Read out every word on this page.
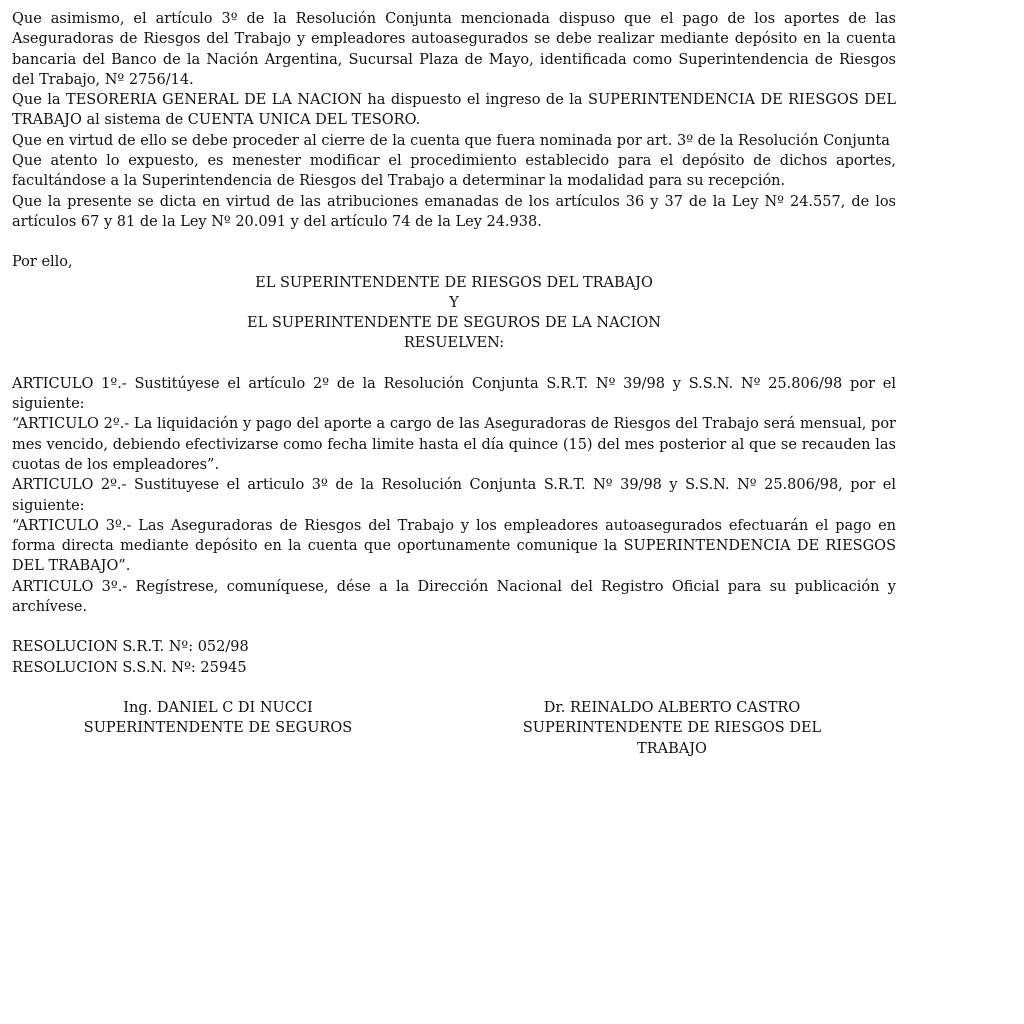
Que asimismo, el artículo 3º de la Resolución Conjunta mencionada dispuso que el pago de los aportes de las Aseguradoras de Riesgos del Trabajo y empleadores autoasegurados se debe realizar mediante depósito en la cuenta bancaria del Banco de la Nación Argentina, Sucursal Plaza de Mayo, identificada como Superintendencia de Riesgos del Trabajo, Nº 2756/14.

Que la TESORERIA GENERAL DE LA NACION ha dispuesto el ingreso de la SUPERINTENDENCIA DE RIESGOS DEL TRABAJO al sistema de CUENTA UNICA DEL TESORO.

Que en virtud de ello se debe proceder al cierre de la cuenta que fuera nominada por art. 3º de la Resolución Conjunta

Que atento lo expuesto, es menester modificar el procedimiento establecido para el depósito de dichos aportes, facultándose a la Superintendencia de Riesgos del Trabajo a determinar la modalidad para su recepción.

Que la presente se dicta en virtud de las atribuciones emanadas de los artículos 36 y 37 de la Ley Nº 24.557, de los artículos 67 y 81 de la Ley Nº 20.091 y del artículo 74 de la Ley 24.938.

Por ello,

EL SUPERINTENDENTE DE RIESGOS DEL TRABAJO

Y

EL SUPERINTENDENTE DE SEGUROS DE LA NACION

RESUELVEN:

ARTICULO 1º.- Sustitúyese el artículo 2º de la Resolución Conjunta S.R.T. Nº 39/98 y S.S.N. Nº 25.806/98 por el siguiente:

“ARTICULO 2º.- La liquidación y pago del aporte a cargo de las Aseguradoras de Riesgos del Trabajo será mensual, por mes vencido, debiendo efectivizarse como fecha limite hasta el día quince (15) del mes posterior al que se recauden las cuotas de los empleadores”.

ARTICULO 2º.- Sustituyese el articulo 3º de la Resolución Conjunta S.R.T. Nº 39/98 y S.S.N. Nº 25.806/98, por el siguiente:

“ARTICULO 3º.- Las Aseguradoras de Riesgos del Trabajo y los empleadores autoasegurados efectuarán el pago en forma directa mediante depósito en la cuenta que oportunamente comunique la SUPERINTENDENCIA DE RIESGOS DEL TRABAJO”.

ARTICULO 3º.- Regístrese, comuníquese, dése a la Dirección Nacional del Registro Oficial para su publicación y archívese.

RESOLUCION S.R.T. Nº: 052/98

RESOLUCION S.S.N. Nº: 25945

Ing. DANIEL C DI NUCCI
SUPERINTENDENTE DE SEGUROS
Dr. REINALDO ALBERTO CASTRO
SUPERINTENDENTE DE RIESGOS DEL
TRABAJO
